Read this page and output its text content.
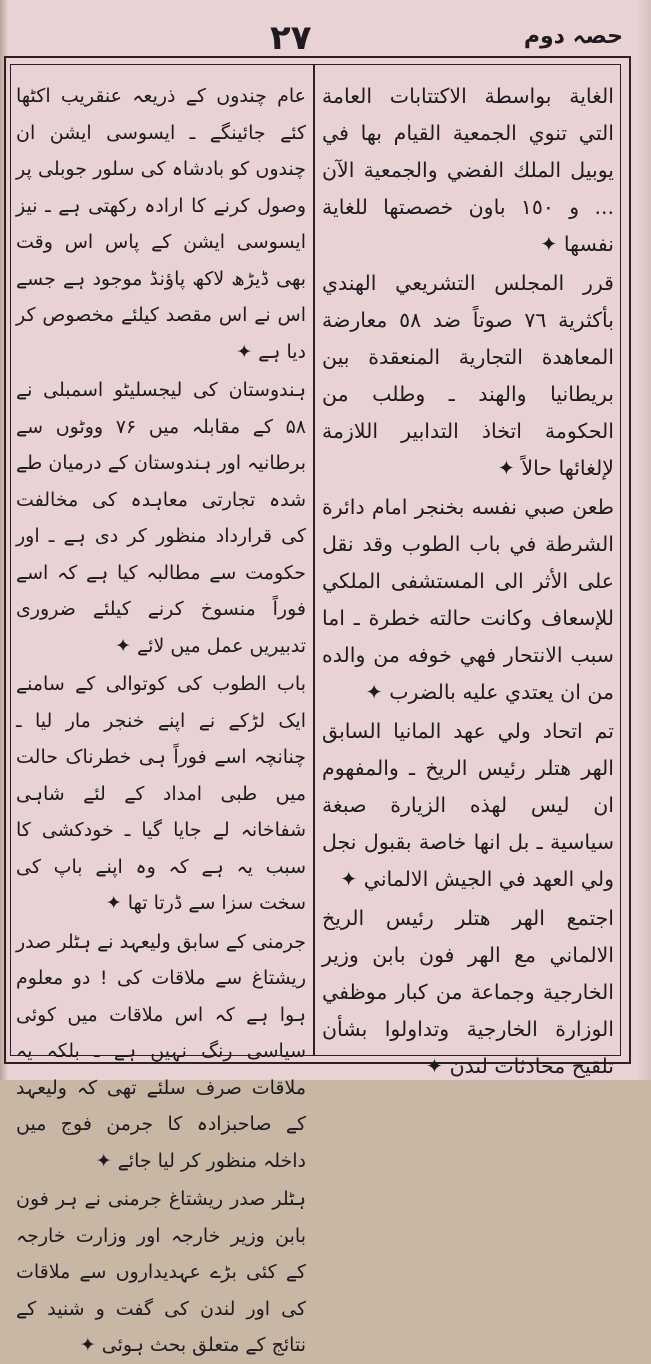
٢٧	حصہ دوم

الغاية بواسطة الاكتتابات العامة التي تنوي الجمعية القيام بها في يوبيل الملك الفضي والجمعية الآن ... و ١٥٠ باون خصصتها للغاية نفسها ✦

قرر المجلس التشريعي الهندي بأكثرية ٧٦ صوتاً ضد ٥٨ معارضة المعاهدة التجارية المنعقدة بين بريطانيا والهند ـ وطلب من الحكومة اتخاذ التدابير اللازمة لإلغائها حالاً ✦

طعن صبي نفسه بخنجر امام دائرة الشرطة في باب الطوب وقد نقل على الأثر الى المستشفى الملكي للإسعاف وكانت حالته خطرة ـ اما سبب الانتحار فهي خوفه من والده من ان يعتدي عليه بالضرب ✦

تم اتحاد ولي عهد المانيا السابق الهر هتلر رئيس الريخ ـ والمفهوم ان ليس لهذه الزيارة صبغة سياسية ـ بل انها خاصة بقبول نجل ولي العهد في الجيش الالماني ✦

اجتمع الهر هتلر رئيس الريخ الالماني مع الهر فون بابن وزير الخارجية وجماعة من كبار موظفي الوزارة الخارجية وتداولوا بشأن تلقيح محادثات لندن ✦

عام چندوں کے ذریعہ عنقریب اکٹھا کئے جائینگے ـ ایسوسی ایشن ان چندوں کو بادشاہ کی سلور جوبلی پر وصول کرنے کا ارادہ رکھتی ہے ـ نیز ایسوسی ایشن کے پاس اس وقت بھی ڈیڑھ لاکھ پاؤنڈ موجود ہے جسے اس نے اس مقصد کیلئے مخصوص کر دیا ہے ✦

ہندوستان کی لیجسلیٹو اسمبلی نے ۵۸ کے مقابلہ میں ۷۶ ووٹوں سے برطانیہ اور ہندوستان کے درمیان طے شدہ تجارتی معاہدہ کی مخالفت کی قرارداد منظور کر دی ہے ـ اور حکومت سے مطالبہ کیا ہے کہ اسے فوراً منسوخ کرنے کیلئے ضروری تدبیریں عمل میں لائے ✦

باب الطوب کی کوتوالی کے سامنے ایک لڑکے نے اپنے خنجر مار لیا ـ چنانچہ اسے فوراً ہی خطرناک حالت میں طبی امداد کے لئے شاہی شفاخانہ لے جایا گیا ـ خودکشی کا سبب یہ ہے کہ وہ اپنے باپ کی سخت سزا سے ڈرتا تھا ✦

جرمنی کے سابق ولیعہد نے ہٹلر صدر ریشتاغ سے ملاقات کی ! دو معلوم ہوا ہے کہ اس ملاقات میں کوئی سیاسی رنگ نہیں ہے ـ بلکہ یہ ملاقات صرف سلئے تھی کہ ولیعہد کے صاحبزادہ کا جرمن فوج میں داخلہ منظور کر لیا جائے ✦

ہٹلر صدر ریشتاغ جرمنی نے ہر فون بابن وزیر خارجہ اور وزارت خارجہ کے کئی بڑے عہدیداروں سے ملاقات کی اور لندن کی گفت و شنید کے نتائج کے متعلق بحث ہوئی ✦
